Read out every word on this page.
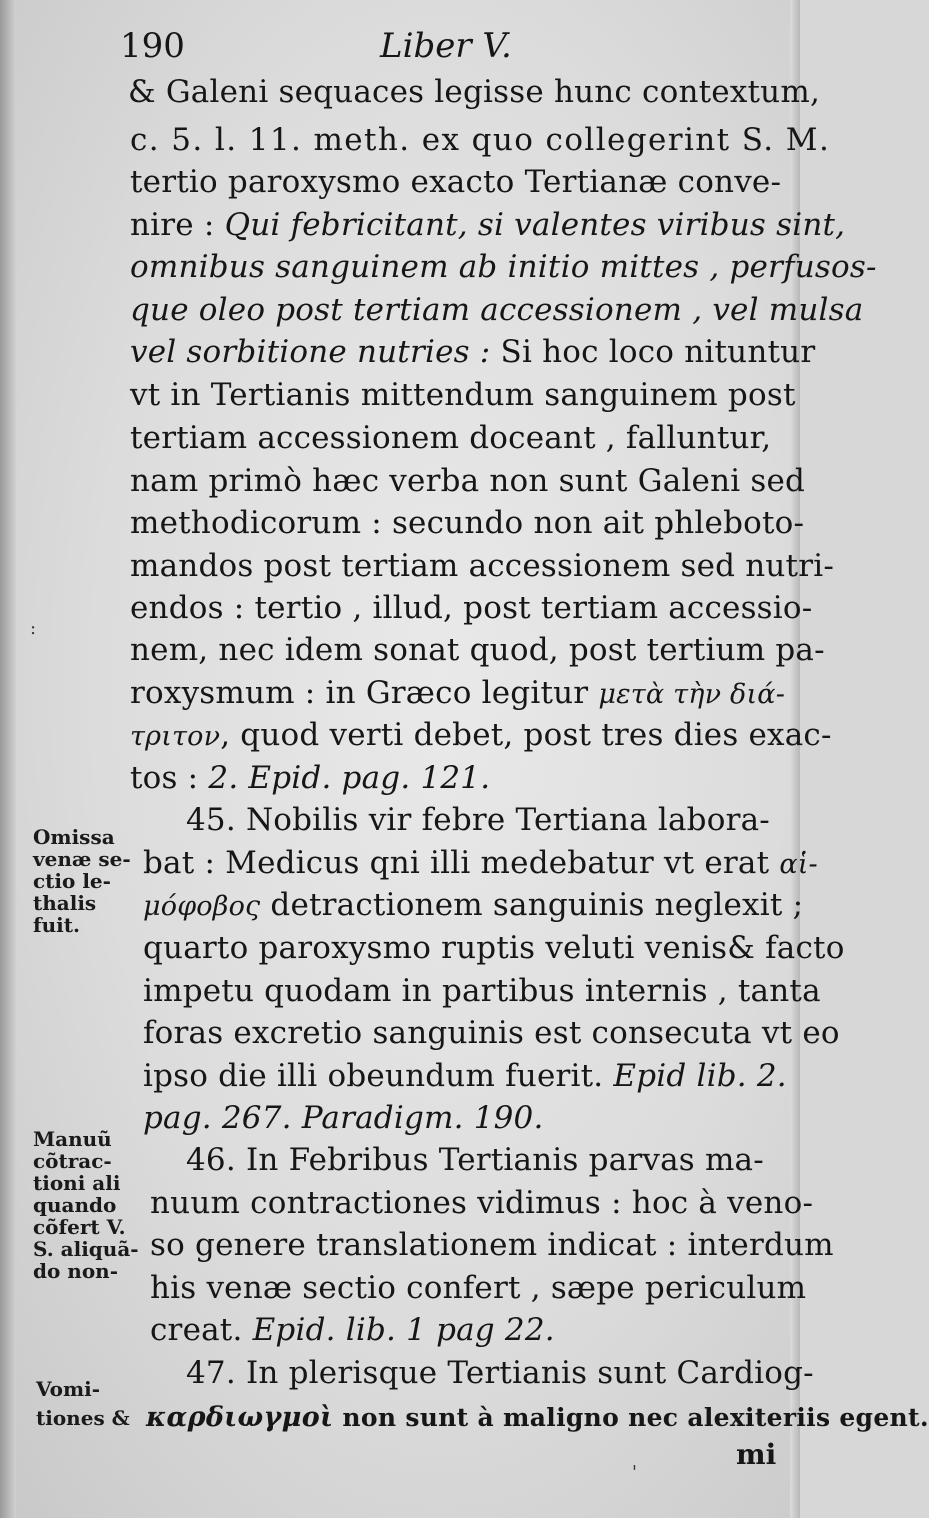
190	Liber V.
& Galeni sequaces legisse hunc contextum,
c. 5. l. 11. meth. ex quo collegerint S. M.
tertio paroxysmo exacto Tertianæ conve-
nire : Qui febricitant, si valentes viribus sint,
omnibus sanguinem ab initio mittes , perfusos-
que oleo post tertiam accessionem , vel mulsa
vel sorbitione nutries : Si hoc loco nituntur
vt in Tertianis mittendum sanguinem post
tertiam accessionem doceant , falluntur,
nam primò hæc verba non sunt Galeni sed
methodicorum : secundo non ait phleboto-
mandos post tertiam accessionem sed nutri-
endos : tertio , illud, post tertiam accessio-
nem, nec idem sonat quod, post tertium pa-
roxysmum : in Græco legitur μετὰ τὴν διά-
τριτον, quod verti debet, post tres dies exac-
tos : 2. Epid. pag. 121.
45. Nobilis vir febre Tertiana labora-
bat : Medicus qni illi medebatur vt erat αἱ-
μόφοβος detractionem sanguinis neglexit ;
quarto paroxysmo ruptis veluti venis& facto
impetu quodam in partibus internis , tanta
foras excretio sanguinis est consecuta vt eo
ipso die illi obeundum fuerit. Epid lib. 2.
pag. 267. Paradigm. 190.
46. In Febribus Tertianis parvas ma-
nuum contractiones vidimus : hoc à veno-
so genere translationem indicat : interdum
his venæ sectio confert , sæpe periculum
creat. Epid. lib. 1 pag 22.
47. In plerisque Tertianis sunt Cardiog-
καρδιωγμοὶ non sunt à maligno nec alexiteriis egent.
Omissa
venæ se-
ctio le-
thalis
fuit.
Manuũ
cõtrac-
tioni ali
quando
cõfert V.
S. aliquã-
do non-
Vomi-
tiones &
:
'
mi
